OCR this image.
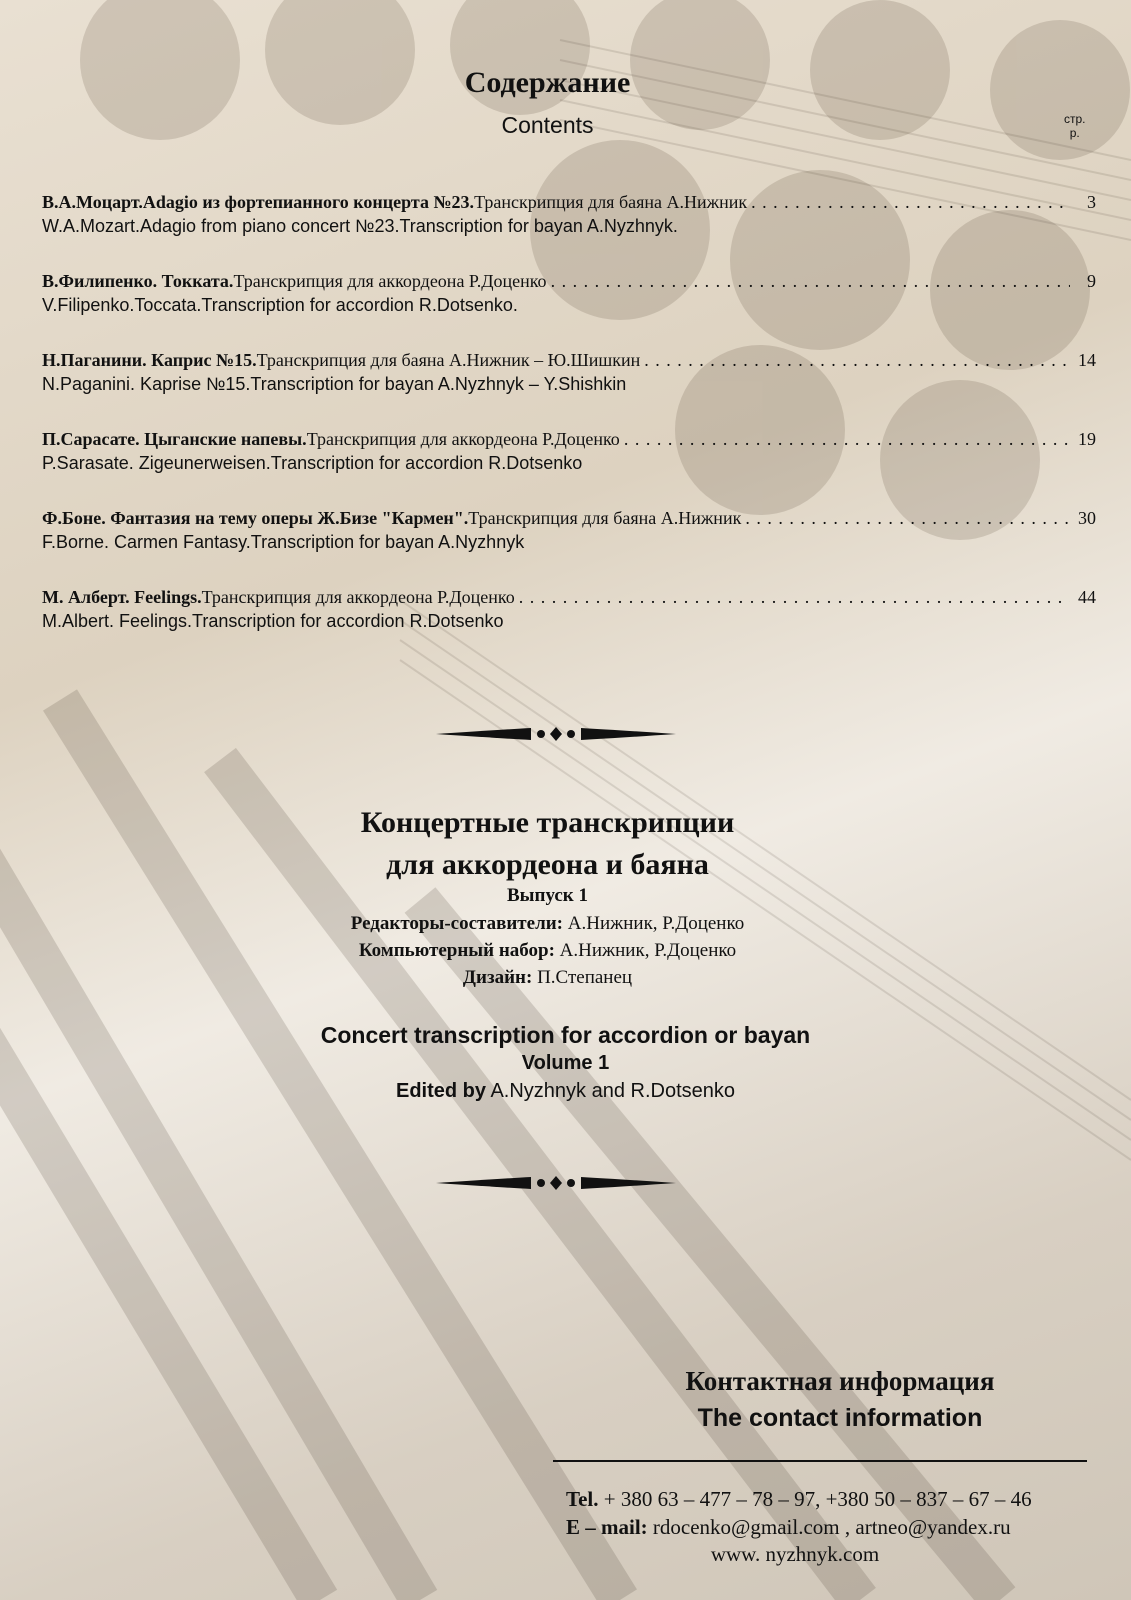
Содержание
Contents	стр.
р.
В.А.Моцарт.Adagio из фортепианного концерта №23. Транскрипция для баяна А.Нижник . . .	3
W.A.Mozart.Adagio from piano concert №23.Transcription for bayan A.Nyzhnyk.
В.Филипенко. Токката. Транскрипция для аккордеона Р.Доценко . . .	9
V.Filipenko.Toccata.Transcription for accordion R.Dotsenko.
Н.Паганини. Каприс №15. Транскрипция для баяна А.Нижник – Ю.Шишкин . . .	14
N.Paganini. Kaprise №15.Transcription for bayan A.Nyzhnyk – Y.Shishkin
П.Сарасате. Цыганские напевы. Транскрипция для аккордеона Р.Доценко . . .	19
P.Sarasate. Zigeunerweisen.Transcription for accordion R.Dotsenko
Ф.Боне. Фантазия на тему оперы Ж.Бизе "Кармен". Транскрипция для баяна А.Нижник . . .	30
F.Borne. Carmen Fantasy.Transcription for bayan A.Nyzhnyk
М. Алберт. Feelings. Транскрипция для аккордеона Р.Доценко . . .	44
M.Albert. Feelings.Transcription for accordion R.Dotsenko
Концертные транскрипции
для аккордеона и баяна
Выпуск 1
Редакторы-составители: А.Нижник, Р.Доценко
Компьютерный набор: А.Нижник, Р.Доценко
Дизайн: П.Степанец
Concert transcription for accordion or bayan
Volume 1
Edited by A.Nyzhnyk and R.Dotsenko
Контактная информация
The contact information
Tel. + 380 63 – 477 – 78 – 97, +380 50 – 837 – 67 – 46
E – mail: rdocenko@gmail.com , artneo@yandex.ru
www. nyzhnyk.com
